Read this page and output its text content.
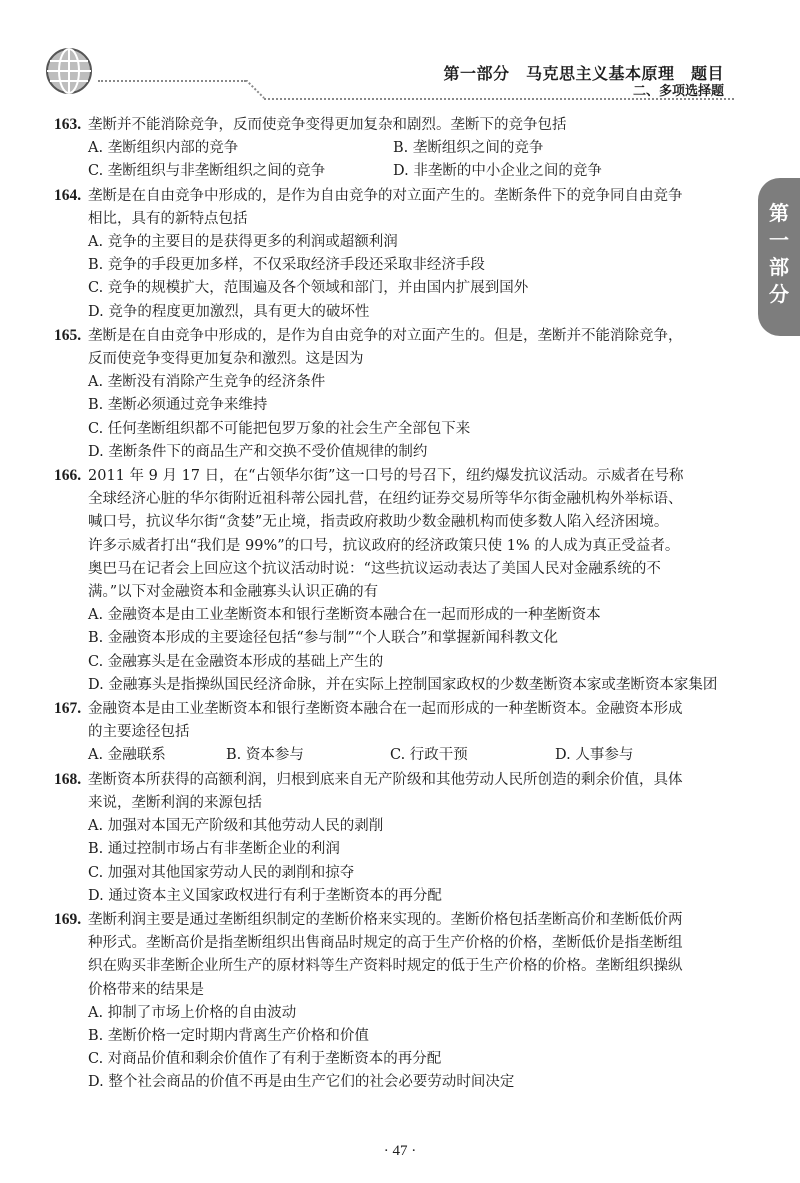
第一部分　马克思主义基本原理　题目
二、多项选择题
第
一
部
分

163. 垄断并不能消除竞争，反而使竞争变得更加复杂和剧烈。垄断下的竞争包括

A. 垄断组织内部的竞争	B. 垄断组织之间的竞争
C. 垄断组织与非垄断组织之间的竞争	D. 非垄断的中小企业之间的竞争

164. 垄断是在自由竞争中形成的，是作为自由竞争的对立面产生的。垄断条件下的竞争同自由竞争

相比，具有的新特点包括

A. 竞争的主要目的是获得更多的利润或超额利润
B. 竞争的手段更加多样，不仅采取经济手段还采取非经济手段
C. 竞争的规模扩大，范围遍及各个领域和部门，并由国内扩展到国外
D. 竞争的程度更加激烈，具有更大的破坏性

165. 垄断是在自由竞争中形成的，是作为自由竞争的对立面产生的。但是，垄断并不能消除竞争，

反而使竞争变得更加复杂和激烈。这是因为

A. 垄断没有消除产生竞争的经济条件
B. 垄断必须通过竞争来维持
C. 任何垄断组织都不可能把包罗万象的社会生产全部包下来
D. 垄断条件下的商品生产和交换不受价值规律的制约

166. 2011 年 9 月 17 日，在“占领华尔街”这一口号的号召下，纽约爆发抗议活动。示威者在号称

全球经济心脏的华尔街附近祖科蒂公园扎营，在纽约证券交易所等华尔街金融机构外举标语、

喊口号，抗议华尔街“贪婪”无止境，指责政府救助少数金融机构而使多数人陷入经济困境。

许多示威者打出“我们是 99%”的口号，抗议政府的经济政策只使 1% 的人成为真正受益者。

奥巴马在记者会上回应这个抗议活动时说：“这些抗议运动表达了美国人民对金融系统的不

满。”以下对金融资本和金融寡头认识正确的有

A. 金融资本是由工业垄断资本和银行垄断资本融合在一起而形成的一种垄断资本
B. 金融资本形成的主要途径包括“参与制”“个人联合”和掌握新闻科教文化
C. 金融寡头是在金融资本形成的基础上产生的
D. 金融寡头是指操纵国民经济命脉，并在实际上控制国家政权的少数垄断资本家或垄断资本家集团

167. 金融资本是由工业垄断资本和银行垄断资本融合在一起而形成的一种垄断资本。金融资本形成

的主要途径包括

A. 金融联系	B. 资本参与	C. 行政干预	D. 人事参与

168. 垄断资本所获得的高额利润，归根到底来自无产阶级和其他劳动人民所创造的剩余价值，具体

来说，垄断利润的来源包括

A. 加强对本国无产阶级和其他劳动人民的剥削
B. 通过控制市场占有非垄断企业的利润
C. 加强对其他国家劳动人民的剥削和掠夺
D. 通过资本主义国家政权进行有利于垄断资本的再分配

169. 垄断利润主要是通过垄断组织制定的垄断价格来实现的。垄断价格包括垄断高价和垄断低价两

种形式。垄断高价是指垄断组织出售商品时规定的高于生产价格的价格，垄断低价是指垄断组

织在购买非垄断企业所生产的原材料等生产资料时规定的低于生产价格的价格。垄断组织操纵

价格带来的结果是

A. 抑制了市场上价格的自由波动
B. 垄断价格一定时期内背离生产价格和价值
C. 对商品价值和剩余价值作了有利于垄断资本的再分配
D. 整个社会商品的价值不再是由生产它们的社会必要劳动时间决定
· 47 ·
